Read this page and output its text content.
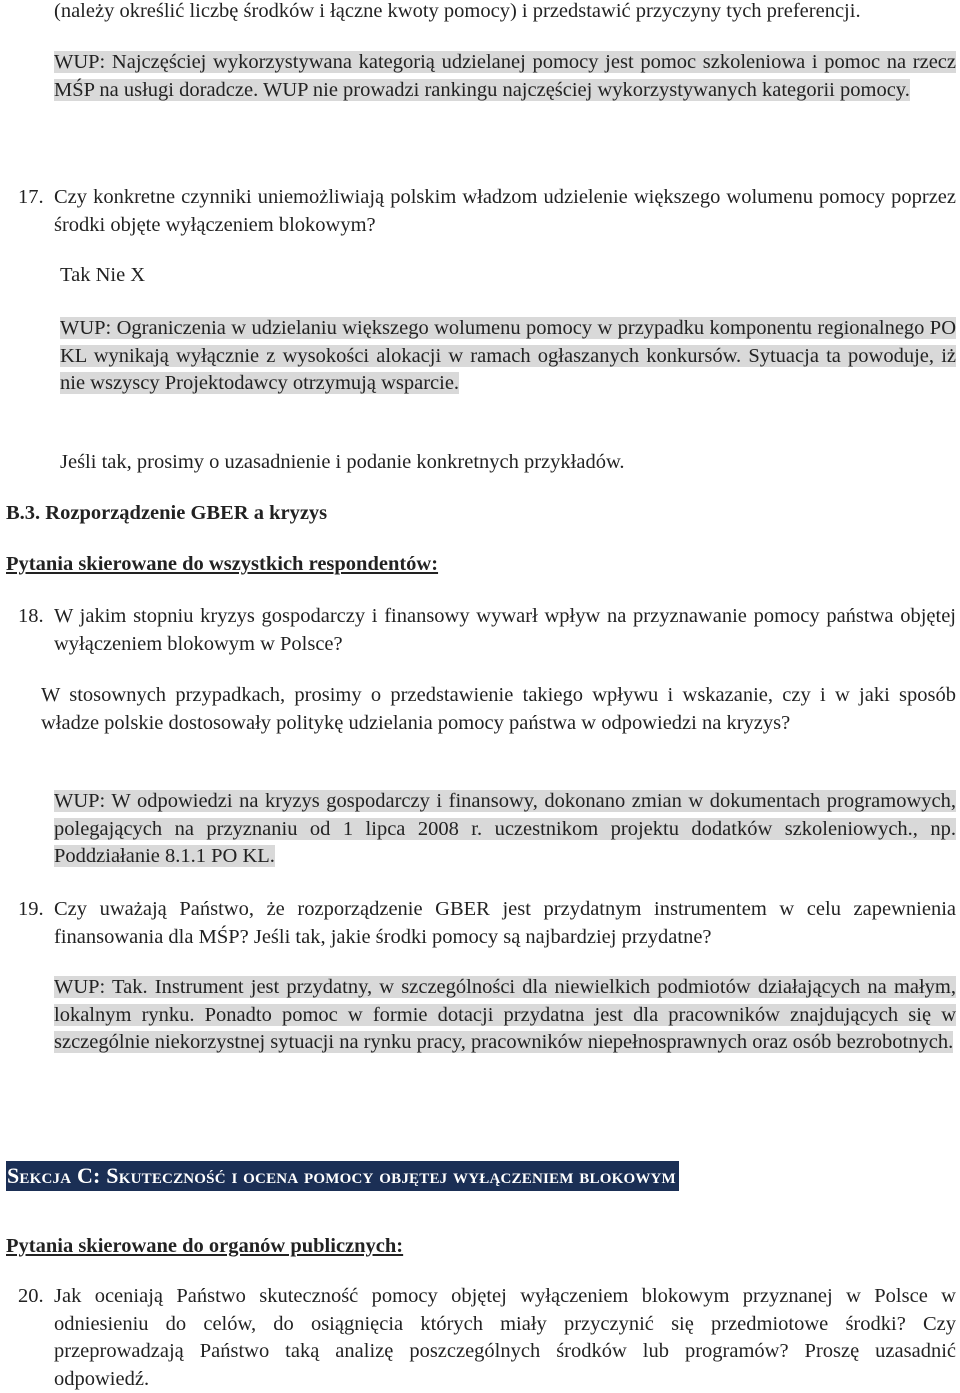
(należy określić liczbę środków i łączne kwoty pomocy) i przedstawić przyczyny tych preferencji.
WUP: Najczęściej wykorzystywana kategorią udzielanej pomocy jest pomoc szkoleniowa i pomoc na rzecz MŚP na usługi doradcze. WUP nie prowadzi rankingu najczęściej wykorzystywanych kategorii pomocy.
17. Czy konkretne czynniki uniemożliwiają polskim władzom udzielenie większego wolumenu pomocy poprzez środki objęte wyłączeniem blokowym?
Tak Nie X
WUP: Ograniczenia w udzielaniu większego wolumenu pomocy w przypadku komponentu regionalnego PO KL wynikają wyłącznie z wysokości alokacji w ramach ogłaszanych konkursów. Sytuacja ta powoduje, iż nie wszyscy Projektodawcy otrzymują wsparcie.
Jeśli tak, prosimy o uzasadnienie i podanie konkretnych przykładów.
B.3. Rozporządzenie GBER a kryzys
Pytania skierowane do wszystkich respondentów:
18. W jakim stopniu kryzys gospodarczy i finansowy wywarł wpływ na przyznawanie pomocy państwa objętej wyłączeniem blokowym w Polsce?
W stosownych przypadkach, prosimy o przedstawienie takiego wpływu i wskazanie, czy i w jaki sposób władze polskie dostosowały politykę udzielania pomocy państwa w odpowiedzi na kryzys?
WUP: W odpowiedzi na kryzys gospodarczy i finansowy, dokonano zmian w dokumentach programowych, polegających na przyznaniu od 1 lipca 2008 r. uczestnikom projektu dodatków szkoleniowych., np. Poddziałanie 8.1.1 PO KL.
19. Czy uważają Państwo, że rozporządzenie GBER jest przydatnym instrumentem w celu zapewnienia finansowania dla MŚP? Jeśli tak, jakie środki pomocy są najbardziej przydatne?
WUP: Tak. Instrument jest przydatny, w szczególności dla niewielkich podmiotów działających na małym, lokalnym rynku. Ponadto pomoc w formie dotacji przydatna jest dla pracowników znajdujących się w szczególnie niekorzystnej sytuacji na rynku pracy, pracowników niepełnosprawnych oraz osób bezrobotnych.
Sekcja C: Skuteczność i ocena pomocy objętej wyłączeniem blokowym
Pytania skierowane do organów publicznych:
20. Jak oceniają Państwo skuteczność pomocy objętej wyłączeniem blokowym przyznanej w Polsce w odniesieniu do celów, do osiągnięcia których miały przyczynić się przedmiotowe środki? Czy przeprowadzają Państwo taką analizę poszczególnych środków lub programów? Proszę uzasadnić odpowiedź.
